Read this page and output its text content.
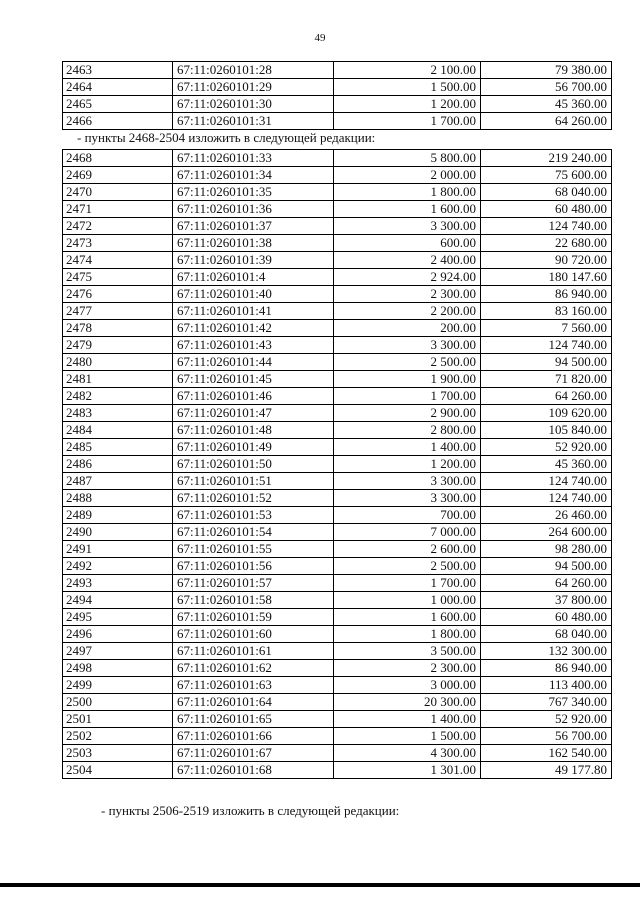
49
2463	67:11:0260101:28	2 100.00	79 380.00
2464	67:11:0260101:29	1 500.00	56 700.00
2465	67:11:0260101:30	1 200.00	45 360.00
2466	67:11:0260101:31	1 700.00	64 260.00
- пункты 2468-2504 изложить в следующей редакции:
2468	67:11:0260101:33	5 800.00	219 240.00
2469	67:11:0260101:34	2 000.00	75 600.00
2470	67:11:0260101:35	1 800.00	68 040.00
2471	67:11:0260101:36	1 600.00	60 480.00
2472	67:11:0260101:37	3 300.00	124 740.00
2473	67:11:0260101:38	600.00	22 680.00
2474	67:11:0260101:39	2 400.00	90 720.00
2475	67:11:0260101:4	2 924.00	180 147.60
2476	67:11:0260101:40	2 300.00	86 940.00
2477	67:11:0260101:41	2 200.00	83 160.00
2478	67:11:0260101:42	200.00	7 560.00
2479	67:11:0260101:43	3 300.00	124 740.00
2480	67:11:0260101:44	2 500.00	94 500.00
2481	67:11:0260101:45	1 900.00	71 820.00
2482	67:11:0260101:46	1 700.00	64 260.00
2483	67:11:0260101:47	2 900.00	109 620.00
2484	67:11:0260101:48	2 800.00	105 840.00
2485	67:11:0260101:49	1 400.00	52 920.00
2486	67:11:0260101:50	1 200.00	45 360.00
2487	67:11:0260101:51	3 300.00	124 740.00
2488	67:11:0260101:52	3 300.00	124 740.00
2489	67:11:0260101:53	700.00	26 460.00
2490	67:11:0260101:54	7 000.00	264 600.00
2491	67:11:0260101:55	2 600.00	98 280.00
2492	67:11:0260101:56	2 500.00	94 500.00
2493	67:11:0260101:57	1 700.00	64 260.00
2494	67:11:0260101:58	1 000.00	37 800.00
2495	67:11:0260101:59	1 600.00	60 480.00
2496	67:11:0260101:60	1 800.00	68 040.00
2497	67:11:0260101:61	3 500.00	132 300.00
2498	67:11:0260101:62	2 300.00	86 940.00
2499	67:11:0260101:63	3 000.00	113 400.00
2500	67:11:0260101:64	20 300.00	767 340.00
2501	67:11:0260101:65	1 400.00	52 920.00
2502	67:11:0260101:66	1 500.00	56 700.00
2503	67:11:0260101:67	4 300.00	162 540.00
2504	67:11:0260101:68	1 301.00	49 177.80
- пункты 2506-2519 изложить в следующей редакции:
